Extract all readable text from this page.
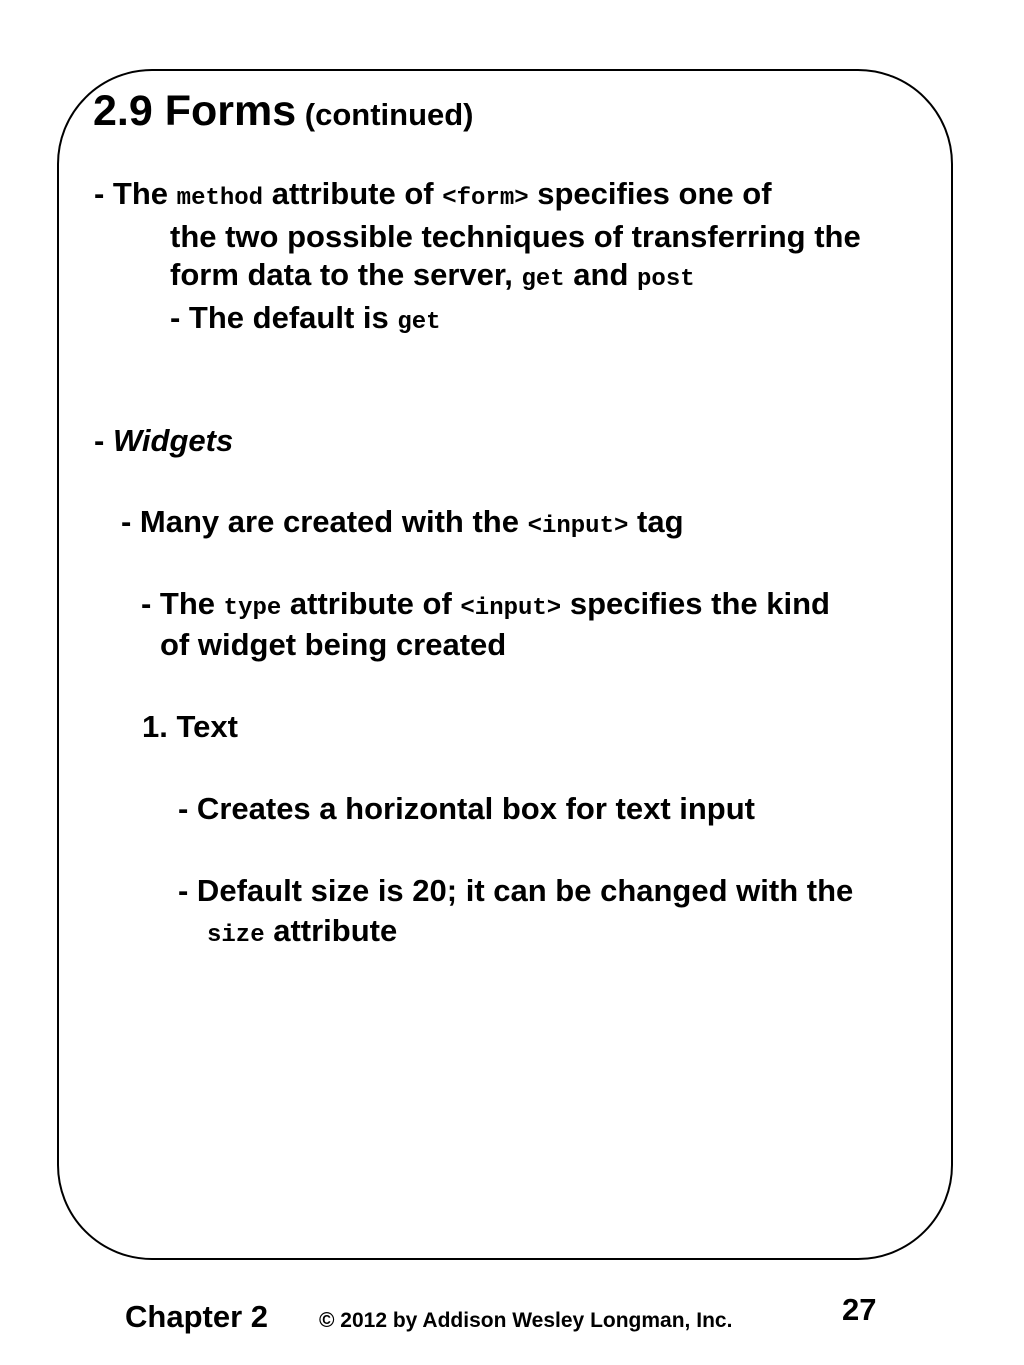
2.9 Forms (continued)
- The method attribute of <form> specifies one of
the two possible techniques of transferring the
form data to the server, get and post
- The default is get
- Widgets
- Many are created with the <input> tag
- The type attribute of <input> specifies the kind
of widget being created
1. Text
- Creates a horizontal box for text input
- Default size is 20; it can be changed with the
size attribute
Chapter 2 © 2012 by Addison Wesley Longman, Inc.	27
